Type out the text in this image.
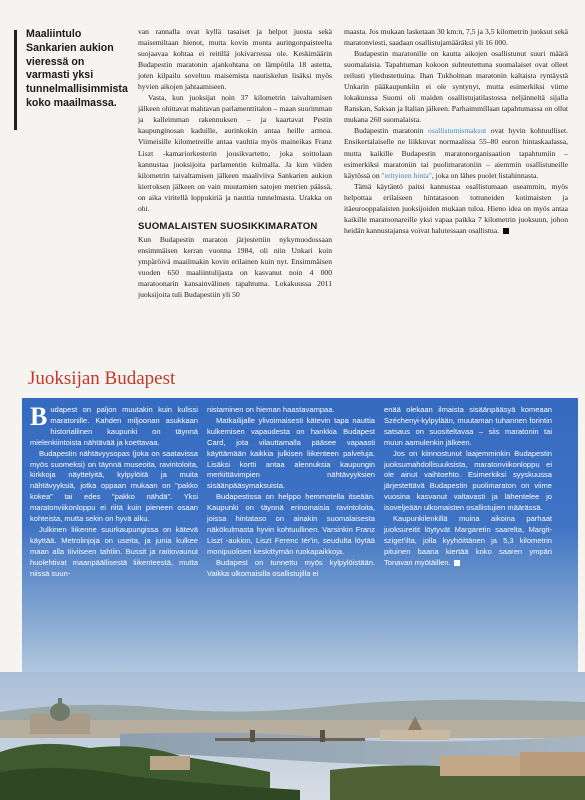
Maaliintulo Sankarien aukion vieressä on varmasti yksi tunnelmallisimmista koko maailmassa.

van rannalla ovat kyllä tasaiset ja helpot juosta sekä maisemiltaan hienot, mutta kovin monta auringonpaisteelta suojaavaa kohtaa ei reitillä jokivarressa ole. Keskimäärin Budapestin maratonin ajankohtana on lämpötila 18 astetta, joten kilpailu soveltuu maisemista nautiskelun lisäksi myös hyvien aikojen jahtaamiseen.

Vasta, kun juoksijat noin 37 kilometrin taivaltamisen jälkeen ohittavat mahtavan parlamenttitalon – maan suurimman ja kalleimman rakennuksen – ja kaartavat Pestin kaupunginosan kaduille, aurinkokin antaa heille armoa. Viimeisille kilometreille antaa vauhtia myös maineikas Franz Liszt -kamariorkesterin jousikvartetto, joka soittolaan kannustaa juoksijoita parlamentin kulmalla. Ja kun viiden kilometrin taivaltamisen jälkeen maaliviiva Sankarien aukion kierroksen jälkeen on vain muutamien satojen metrien päässä, on aika viritellä loppukiriä ja nauttia tunnelmasta. Urakka on ohi.

SUOMALAISTEN SUOSIKKIMARATON

Kun Budapestin maraton järjestettiin nykymuodossaan ensimmäisen kerran vuonna 1984, oli niin Unkari kuin ympäröivä maailmakin kovin erilainen kuin nyt. Ensimmäisen vuoden 650 maaliintulijasta on kasvanut noin 4 000 maratoonarin kansainvälinen tapahtuma. Lokakuussa 2011 juoksijoita tuli Budapestiin yli 50

maasta. Jos mukaan lasketaan 30 km:n, 7,5 ja 3,5 kilometrin juoksut sekä maratonviesti, saadaan osallistujamääräksi yli 16 000.

Budapestin maratonille on kautta aikojen osallistunut suuri määrä suomalaisia. Tapahtuman kokoon suhteutettuna suomalaiset ovat olleet reilusti yliedustettuina. Ihan Tukholman maratonin kaltaista ryntäystä Unkarin pääkaupunkiin ei ole syntynyt, mutta esimerkiksi viime lokakuussa Suomi oli maiden osallistujatilastossa neljänneltä sijalla Ranskan, Saksan ja Italian jälkeen. Parhaimmillaan tapahtumassa on ollut mukana 260 suomalaista.

Budapestin maratonin osallistumismaksut ovat hyvin kohtuulliset. Ensikertalaiselle ne liikkuvat normaalissa 55–80 euron hintaskaalassa, mutta kaikille Budapestin maratonorganisaation tapahtumiin – esimerkiksi maratoniin tai puolimaratoniin – aiemmin osallistuneille käytössä on "erityinen hinta", joka on lähes puolet listahinnasta.

Tämä käytäntö paitsi kannustaa osallistumaan useammin, myös helpottaa erilaiseen hintatasoon tottuneiden kotimaisten ja itäeurooppalaisten juoksijoiden mukaan tuloa. Hieno idea on myös antaa kaikille maratoonareille yksi vapaa paikka 7 kilometrin juoksuun, johon heidän kannustajansa voivat halutessaan osallistua.

Juoksijan Budapest

Budapest on paljon muutakin kuin kulissi maratonille. Kahden miljoonan asukkaan historiallinen kaupunki on täynnä mielenkiintoista nähtävää ja koettavaa.

Budapestin nähtävyysopas (joka on saatavissa myös suomeksi) on täynnä museoita, ravintoloita, kirkkoja näyttelyitä, kylpylöitä ja muita nähtävyyksiä, jotka oppaan mukaan on "pakko kokea" tai edes "pakko nähdä". Yksi maratonviikonloppu ei riitä kuin pieneen osaan kohteista, mutta sekin on hyvä alku.

Julkinen liikenne suurkaupungissa on kätevä käyttää. Metrolinjoja on useita, ja junia kulkee maan alla tiiviiseen tahtiin. Bussit ja raitiovaunut huolehtivat maanpäällisestä liikenteestä, mutta niissä suun-

nistaminen on hieman haastavampaa.

Matkailijalle ylivoimaisesti kätevin tapa nauttia kulkemisen vapaudesta on hankkia Budapest Card, jota vilauttamalla pääsee vapaasti käyttämään kaikkia julkisen liikenteen palveluja. Lisäksi kortti antaa alennuksia kaupungin merkittävimpien nähtävyyksien sisäänpääsymaksuista.

Budapestissa on helppo hemmotella itseään. Kaupunki on täynnä erinomaisia ravintoloita, joissa hintataso on ainakin suomalaisesta näkökulmasta hyvin kohtuullinen. Varsinkin Franz Liszt -aukion, Liszt Ferenc tér'in, seudulta löytää monipuolisen keskittymän ruokapaikkoja.

Budapest on tunnettu myös kylpylöistään. Vaikka ulkomaisilla osallistujilla ei

enää olekaan ilmaista sisäänpääsyä komeaan Széchenyi-kylpylään, muutaman tuhannen forintin satsaus on suositeltavaa – siis maratonin tai muun aamulenkin jälkeen.

Jos on kiinnostunut laajemminkin Budapestin juoksumahdollisuuksista, maratonviikonloppu ei ole ainut vaihtoehto. Esimerkiksi syyskuussa järjestettävä Budapestin puolimaraton on viime vuosina kasvanut valtavasti ja lähentelee jo isoveljeään ulkomaisten osallistujien määrässä.

Kaupunkilenkillä muina aikoina parhaat juoksureitit löytyvät Margaretin saarelta, Margit-sziget'ilta, jolla kyyhöittänen ja 5,3 kilometrin pituinen baana kiertää koko saaren ympäri Tonavan myötäillen.
